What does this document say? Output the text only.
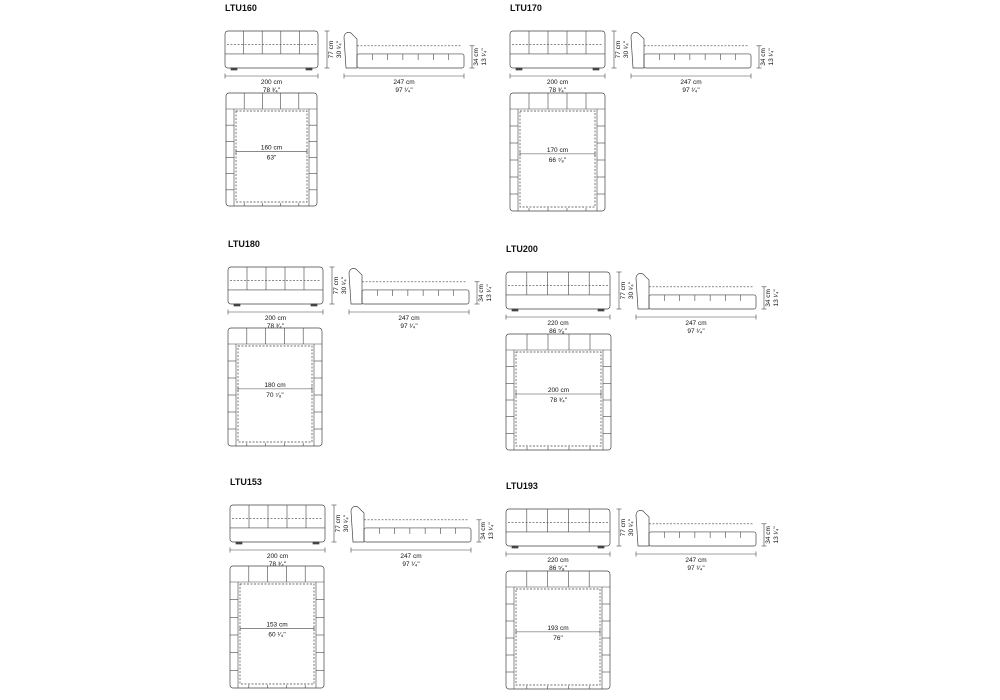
LTU160
77 cm 30 ¹⁄₄"
200 cm
78 ³⁄₄"
34 cm 13 ¹⁄₄"
247 cm
97 ¹⁄₄"
160 cm
63"
LTU170
77 cm 30 ¹⁄₄"
200 cm
78 ³⁄₄"
34 cm 13 ¹⁄₄"
247 cm
97 ¹⁄₄"
170 cm
66 ⁷⁄₈"
LTU180
77 cm 30 ¹⁄₄"
200 cm
78 ³⁄₄"
34 cm 13 ¹⁄₄"
247 cm
97 ¹⁄₄"
180 cm
70 ⁷⁄₈"
LTU200
77 cm 30 ¹⁄₄"
220 cm
86 ⁵⁄₈"
34 cm 13 ¹⁄₄"
247 cm
97 ¹⁄₄"
200 cm
78 ³⁄₄"
LTU153
77 cm 30 ¹⁄₄"
200 cm
78 ³⁄₄"
34 cm 13 ¹⁄₄"
247 cm
97 ¹⁄₄"
153 cm
60 ¹⁄₄"
LTU193
77 cm 30 ¹⁄₄"
220 cm
86 ⁵⁄₈"
34 cm 13 ¹⁄₄"
247 cm
97 ¹⁄₄"
193 cm
76"
